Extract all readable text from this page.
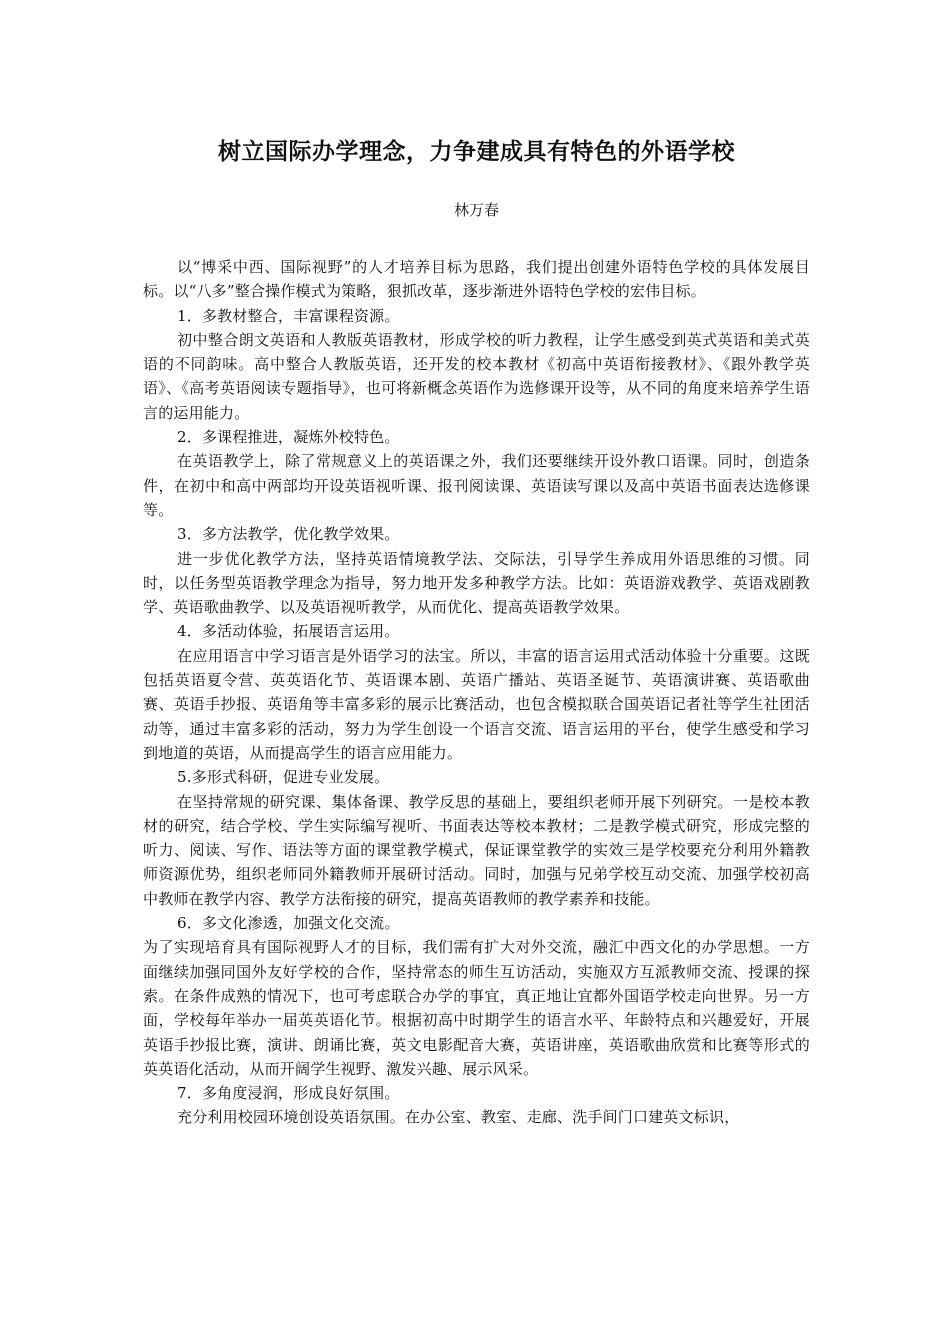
树立国际办学理念，力争建成具有特色的外语学校
林万春

以“博采中西、国际视野”的人才培养目标为思路，我们提出创建外语特色学校的具体发展目标。以“八多”整合操作模式为策略，狠抓改革，逐步渐进外语特色学校的宏伟目标。

1．多教材整合，丰富课程资源。

初中整合朗文英语和人教版英语教材，形成学校的听力教程，让学生感受到英式英语和美式英语的不同韵味。高中整合人教版英语，还开发的校本教材《初高中英语衔接教材》、《跟外教学英语》、《高考英语阅读专题指导》，也可将新概念英语作为选修课开设等，从不同的角度来培养学生语言的运用能力。

2．多课程推进，凝炼外校特色。

在英语教学上，除了常规意义上的英语课之外，我们还要继续开设外教口语课。同时，创造条件，在初中和高中两部均开设英语视听课、报刊阅读课、英语读写课以及高中英语书面表达选修课等。

3．多方法教学，优化教学效果。

进一步优化教学方法，坚持英语情境教学法、交际法，引导学生养成用外语思维的习惯。同时，以任务型英语教学理念为指导，努力地开发多种教学方法。比如：英语游戏教学、英语戏剧教学、英语歌曲教学、以及英语视听教学，从而优化、提高英语教学效果。

4．多活动体验，拓展语言运用。

在应用语言中学习语言是外语学习的法宝。所以，丰富的语言运用式活动体验十分重要。这既包括英语夏令营、英英语化节、英语课本剧、英语广播站、英语圣诞节、英语演讲赛、英语歌曲赛、英语手抄报、英语角等丰富多彩的展示比赛活动，也包含模拟联合国英语记者社等学生社团活动等，通过丰富多彩的活动，努力为学生创设一个语言交流、语言运用的平台，使学生感受和学习到地道的英语，从而提高学生的语言应用能力。

5.多形式科研，促进专业发展。

在坚持常规的研究课、集体备课、教学反思的基础上，要组织老师开展下列研究。一是校本教材的研究，结合学校、学生实际编写视听、书面表达等校本教材；二是教学模式研究，形成完整的听力、阅读、写作、语法等方面的课堂教学模式，保证课堂教学的实效三是学校要充分利用外籍教师资源优势，组织老师同外籍教师开展研讨活动。同时，加强与兄弟学校互动交流、加强学校初高中教师在教学内容、教学方法衔接的研究，提高英语教师的教学素养和技能。

6．多文化渗透，加强文化交流。

为了实现培育具有国际视野人才的目标，我们需有扩大对外交流，融汇中西文化的办学思想。一方面继续加强同国外友好学校的合作，坚持常态的师生互访活动，实施双方互派教师交流、授课的探索。在条件成熟的情况下，也可考虑联合办学的事宜，真正地让宜都外国语学校走向世界。另一方面，学校每年举办一届英英语化节。根据初高中时期学生的语言水平、年龄特点和兴趣爱好，开展英语手抄报比赛，演讲、朗诵比赛，英文电影配音大赛，英语讲座，英语歌曲欣赏和比赛等形式的英英语化活动，从而开阔学生视野、激发兴趣、展示风采。

7．多角度浸润，形成良好氛围。

充分利用校园环境创设英语氛围。在办公室、教室、走廊、洗手间门口建英文标识，
